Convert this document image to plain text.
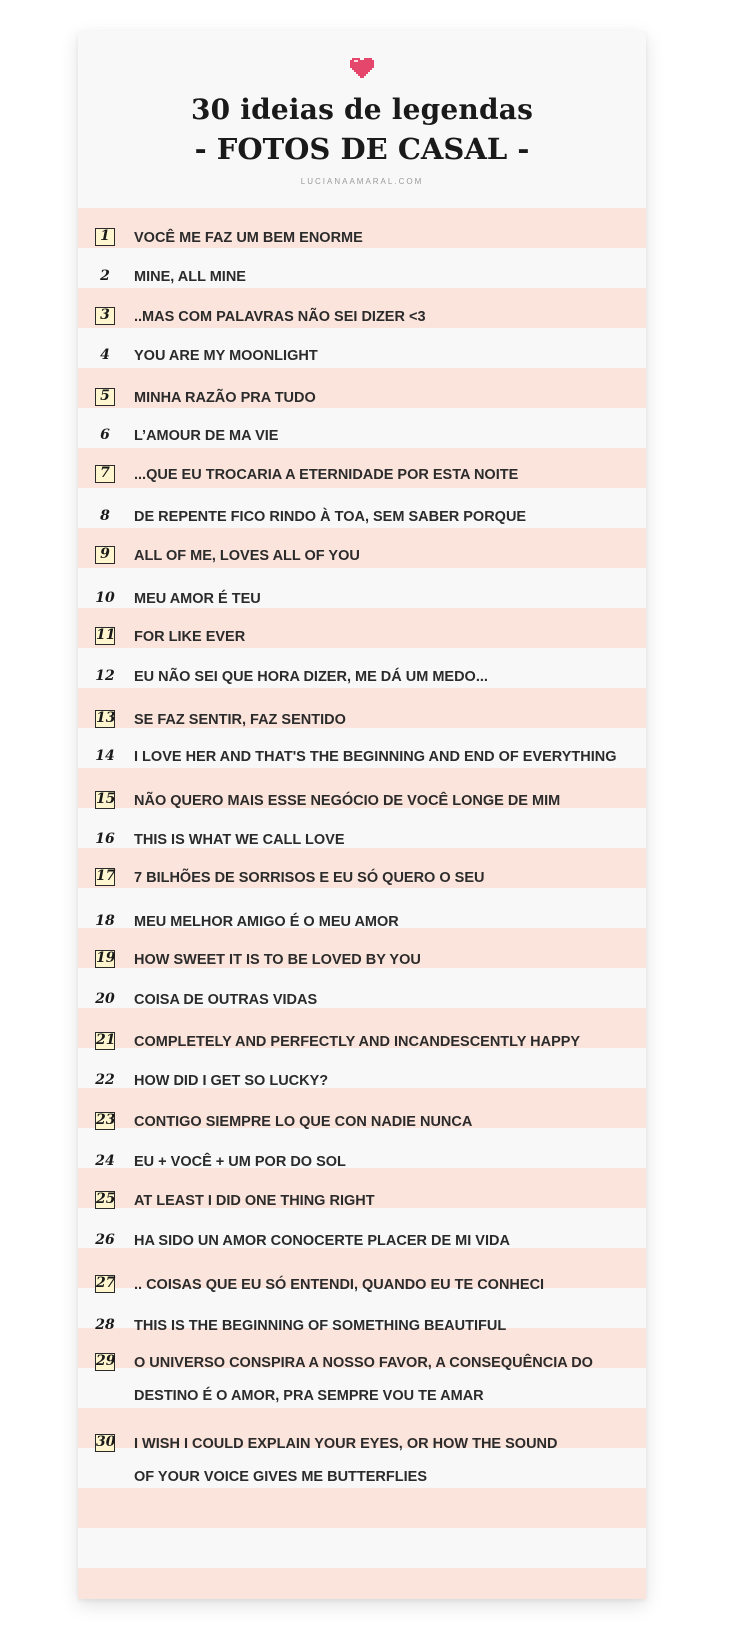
30 ideias de legendas
- FOTOS DE CASAL -
LUCIANAAMARAL.COM
1	VOCÊ ME FAZ UM BEM ENORME
2	MINE, ALL MINE
3	..MAS COM PALAVRAS NÃO SEI DIZER <3
4	YOU ARE MY MOONLIGHT
5	MINHA RAZÃO PRA TUDO
6	L’AMOUR DE MA VIE
7	...QUE EU TROCARIA A ETERNIDADE POR ESTA NOITE
8	DE REPENTE FICO RINDO À TOA, SEM SABER PORQUE
9	ALL OF ME, LOVES ALL OF YOU
10 MEU AMOR É TEU
11 FOR LIKE EVER
12 EU NÃO SEI QUE HORA DIZER, ME DÁ UM MEDO...
13 SE FAZ SENTIR, FAZ SENTIDO
14 I LOVE HER AND THAT'S THE BEGINNING AND END OF EVERYTHING
15 NÃO QUERO MAIS ESSE NEGÓCIO DE VOCÊ LONGE DE MIM
16 THIS IS WHAT WE CALL LOVE
17 7 BILHÕES DE SORRISOS E EU SÓ QUERO O SEU
18 MEU MELHOR AMIGO É O MEU AMOR
19 HOW SWEET IT IS TO BE LOVED BY YOU
20 COISA DE OUTRAS VIDAS
21 COMPLETELY AND PERFECTLY AND INCANDESCENTLY HAPPY
22 HOW DID I GET SO LUCKY?
23 CONTIGO SIEMPRE LO QUE CON NADIE NUNCA
24 EU + VOCÊ + UM POR DO SOL
25 AT LEAST I DID ONE THING RIGHT
26 HA SIDO UN AMOR CONOCERTE PLACER DE MI VIDA
27 .. COISAS QUE EU SÓ ENTENDI, QUANDO EU TE CONHECI
28 THIS IS THE BEGINNING OF SOMETHING BEAUTIFUL
29 O UNIVERSO CONSPIRA A NOSSO FAVOR, A CONSEQUÊNCIA DO
DESTINO É O AMOR, PRA SEMPRE VOU TE AMAR
30 I WISH I COULD EXPLAIN YOUR EYES, OR HOW THE SOUND
OF YOUR VOICE GIVES ME BUTTERFLIES
